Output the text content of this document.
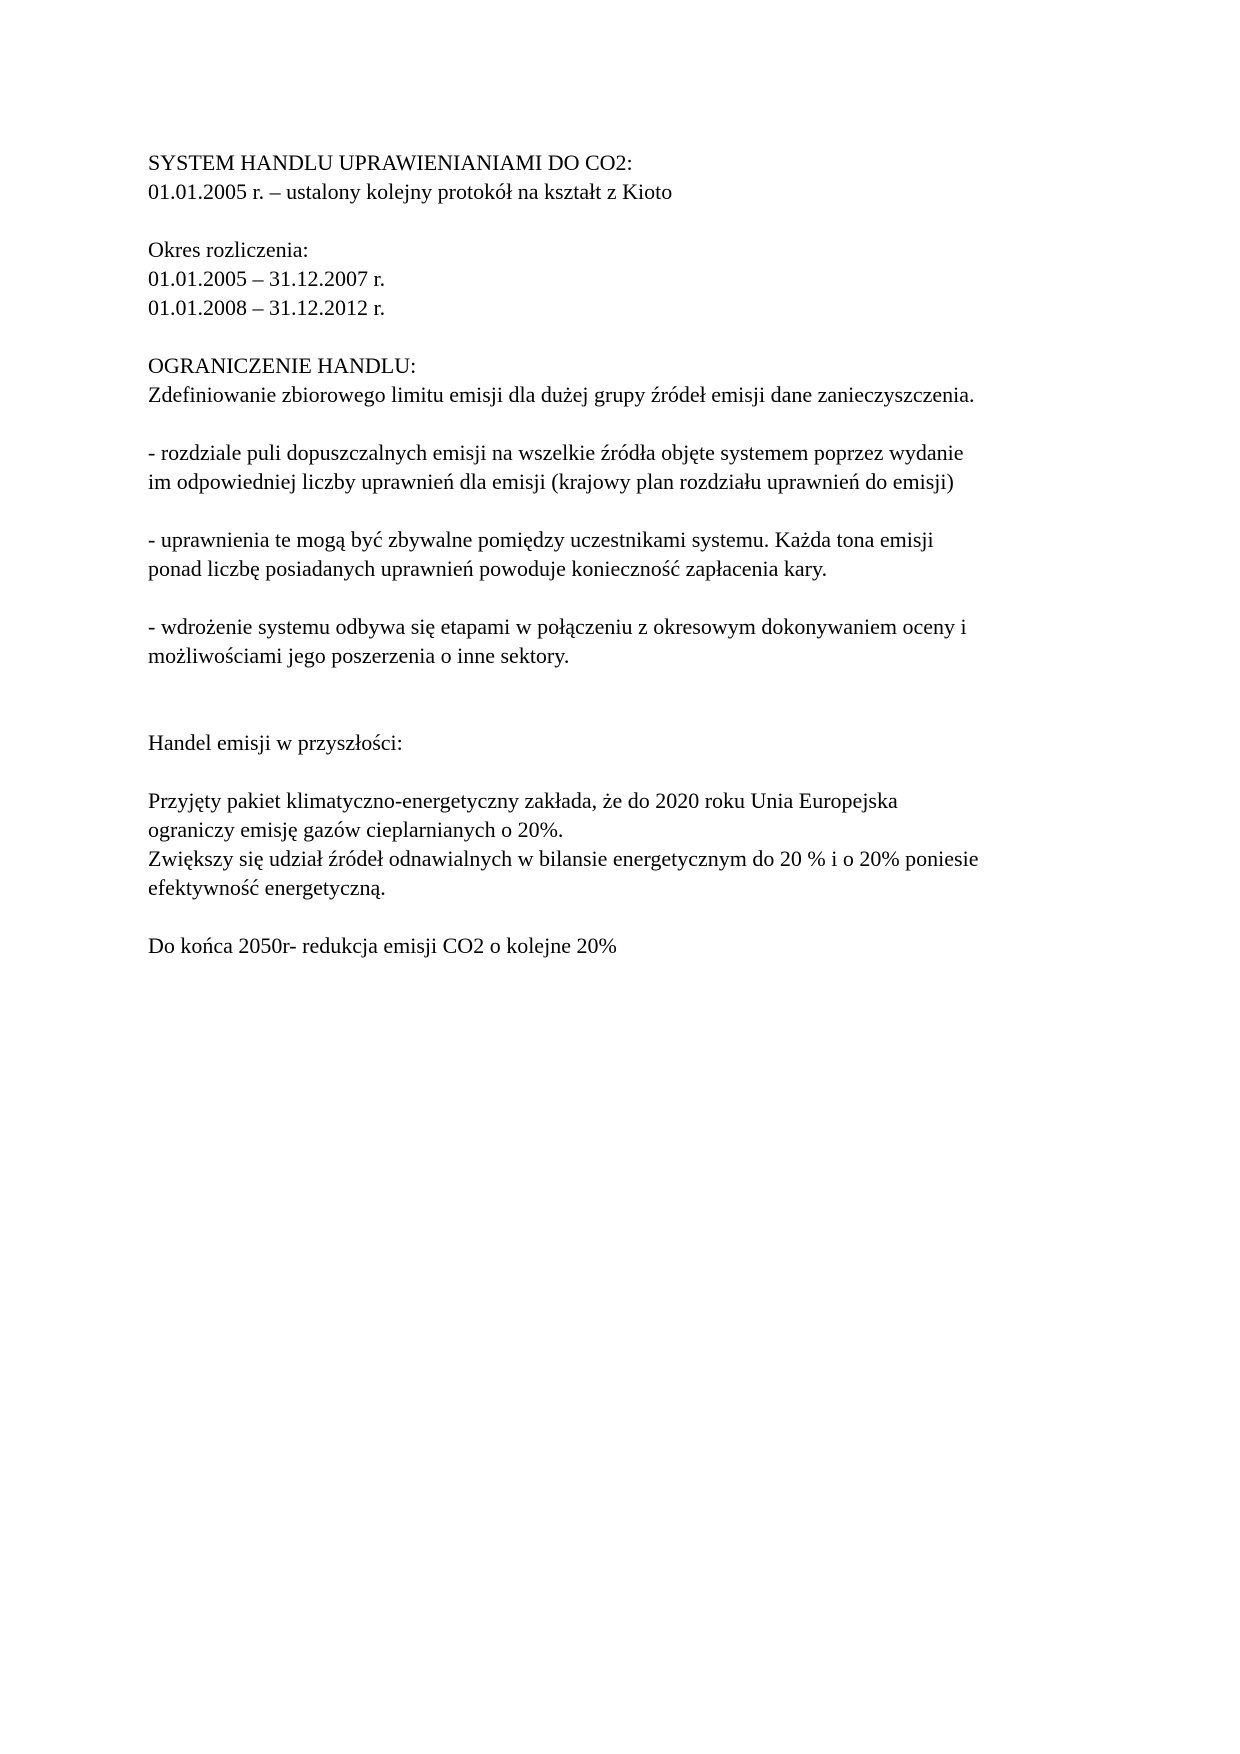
SYSTEM HANDLU UPRAWIENIANIAMI DO CO2:
01.01.2005 r. – ustalony kolejny protokół na kształt z Kioto
Okres rozliczenia:
01.01.2005 – 31.12.2007 r.
01.01.2008 – 31.12.2012 r.
OGRANICZENIE HANDLU:
Zdefiniowanie zbiorowego limitu emisji dla dużej grupy źródeł emisji dane zanieczyszczenia.
- rozdziale puli dopuszczalnych emisji na wszelkie źródła objęte systemem poprzez wydanie
im odpowiedniej liczby uprawnień dla emisji (krajowy plan rozdziału uprawnień do emisji)
- uprawnienia te mogą być zbywalne pomiędzy uczestnikami systemu. Każda tona emisji
ponad liczbę posiadanych uprawnień powoduje konieczność zapłacenia kary.
- wdrożenie systemu odbywa się etapami w połączeniu z okresowym dokonywaniem oceny i
możliwościami jego poszerzenia o inne sektory.
Handel emisji w przyszłości:
Przyjęty pakiet klimatyczno-energetyczny zakłada, że do 2020 roku Unia Europejska
ograniczy emisję gazów cieplarnianych o 20%.
Zwiększy się udział źródeł odnawialnych w bilansie energetycznym do 20 % i o 20% poniesie
efektywność energetyczną.
Do końca 2050r- redukcja emisji CO2 o kolejne 20%
